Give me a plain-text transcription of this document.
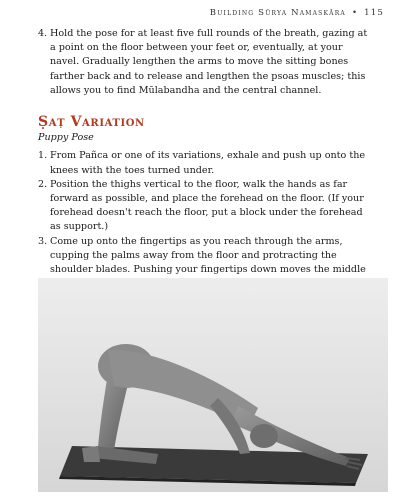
Building Sūrya Namaskāra • 115
4. Hold the pose for at least five full rounds of the breath, gazing at a point on the floor between your feet or, eventually, at your navel. Gradually lengthen the arms to move the sitting bones farther back and to release and lengthen the psoas muscles; this allows you to find Mūlabandha and the central channel.
Ṣaṭ Variation
Puppy Pose
1. From Pañca or one of its variations, exhale and push up onto the knees with the toes turned under.
2. Position the thighs vertical to the floor, walk the hands as far forward as possible, and place the forehead on the floor. (If your forehead doesn't reach the floor, put a block under the forehead as support.)
3. Come up onto the fingertips as you reach through the arms, cupping the palms away from the floor and protracting the shoulder blades. Pushing your fingertips down moves the middle
